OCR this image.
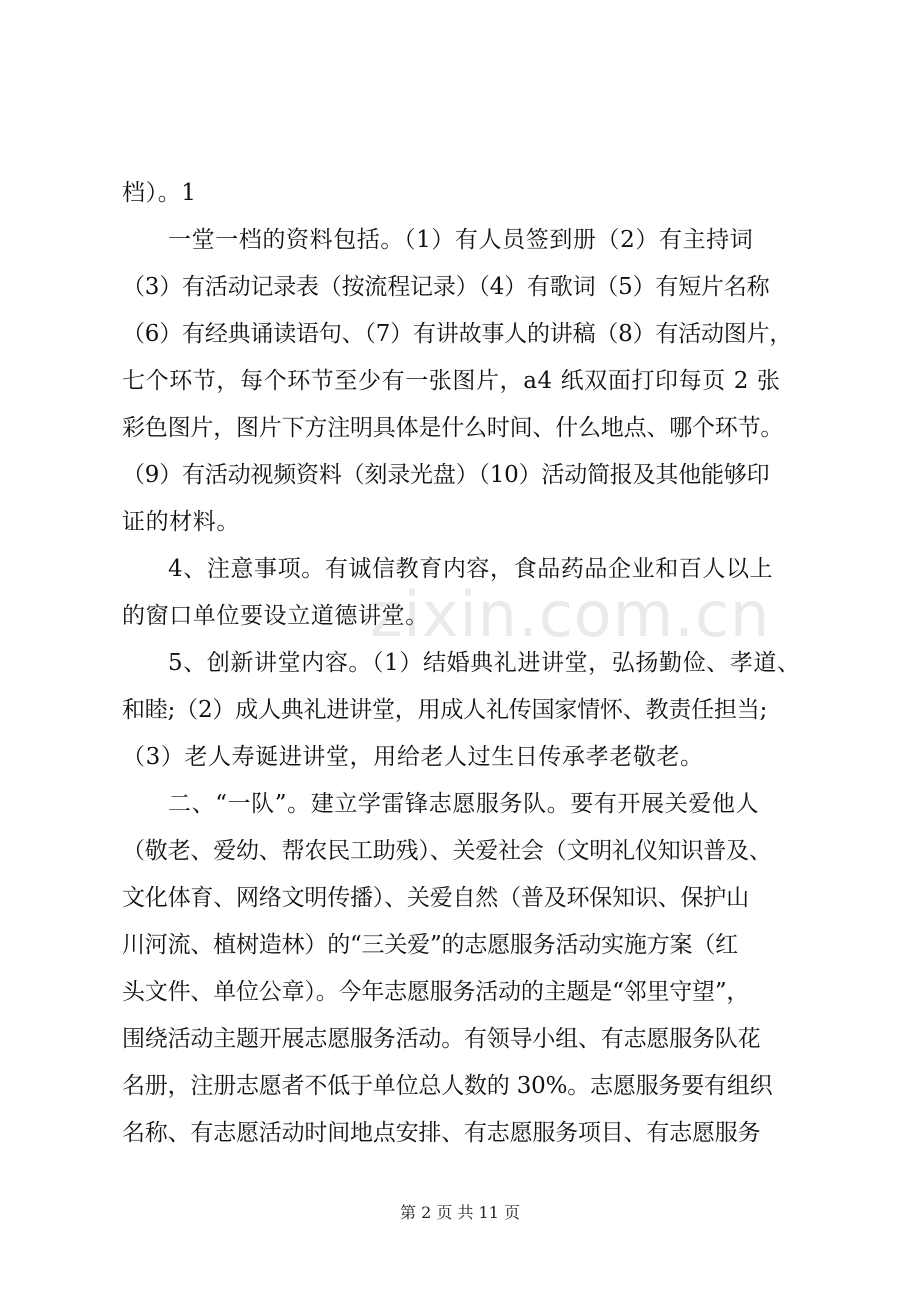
zixin.com.cn
档）。1
一堂一档的资料包括。（1）有人员签到册（2）有主持词
（3）有活动记录表（按流程记录）（4）有歌词（5）有短片名称
（6）有经典诵读语句、（7）有讲故事人的讲稿（8）有活动图片，
七个环节，每个环节至少有一张图片，a4 纸双面打印每页 2 张
彩色图片，图片下方注明具体是什么时间、什么地点、哪个环节。
（9）有活动视频资料（刻录光盘）（10）活动简报及其他能够印
证的材料。
4、注意事项。有诚信教育内容，食品药品企业和百人以上
的窗口单位要设立道德讲堂。
5、创新讲堂内容。（1）结婚典礼进讲堂，弘扬勤俭、孝道、
和睦;（2）成人典礼进讲堂，用成人礼传国家情怀、教责任担当;
（3）老人寿诞进讲堂，用给老人过生日传承孝老敬老。
二、“一队”。建立学雷锋志愿服务队。要有开展关爱他人
（敬老、爱幼、帮农民工助残）、关爱社会（文明礼仪知识普及、
文化体育、网络文明传播）、关爱自然（普及环保知识、保护山
川河流、植树造林）的“三关爱”的志愿服务活动实施方案（红
头文件、单位公章）。今年志愿服务活动的主题是“邻里守望”，
围绕活动主题开展志愿服务活动。有领导小组、有志愿服务队花
名册，注册志愿者不低于单位总人数的 30%。志愿服务要有组织
名称、有志愿活动时间地点安排、有志愿服务项目、有志愿服务
第 2 页 共 11 页
